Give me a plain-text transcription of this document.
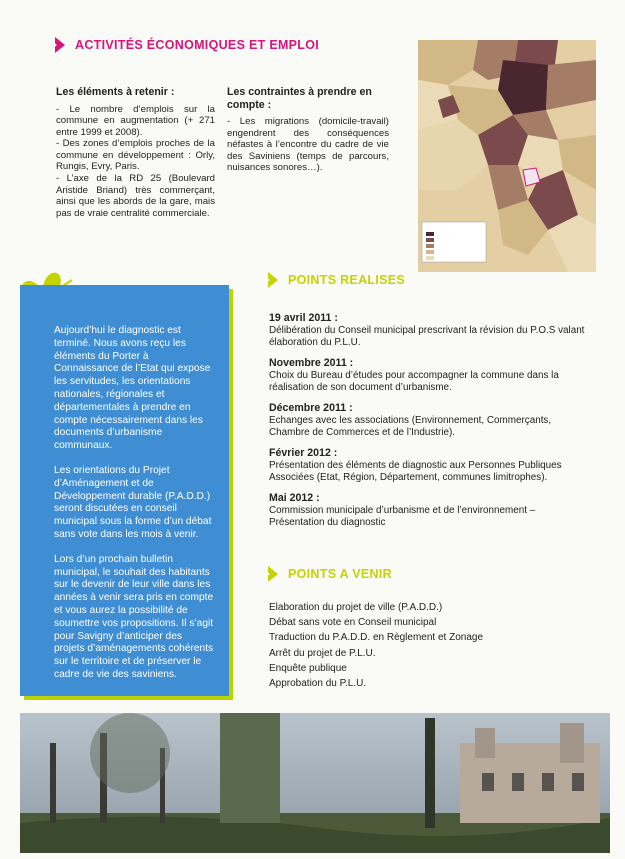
ACTIVITÉS ÉCONOMIQUES ET EMPLOI
Les éléments à retenir :

- Le nombre d’emplois sur la commune en augmentation (+ 271 entre 1999 et 2008).

- Des zones d’emplois proches de la commune en développement : Orly, Rungis, Evry, Paris.

- L’axe de la RD 25 (Boulevard Aristide Briand) très commerçant, ainsi que les abords de la gare, mais pas de vraie centralité commerciale.

Les contraintes à prendre en compte :

- Les migrations (domicile-travail) engendrent des conséquences néfastes à l’encontre du cadre de vie des Saviniens (temps de parcours, nuisances sonores…).

Aujourd’hui le diagnostic est terminé. Nous avons reçu les éléments du Porter à Connaissance de l’Etat qui expose les servitudes, les orientations nationales, régionales et départementales à prendre en compte nécessairement dans les documents d’urbanisme communaux.

Les orientations du Projet d’Aménagement et de Développement durable (P.A.D.D.) seront discutées en conseil municipal sous la forme d’un débat sans vote dans les mois à venir.

Lors d’un prochain bulletin municipal, le souhait des habitants sur le devenir de leur ville dans les années à venir sera pris en compte et vous aurez la possibilité de soumettre vos propositions. Il s’agit pour Savigny d’anticiper des projets d’aménagements cohérents sur le territoire et de préserver le cadre de vie des saviniens.

POINTS REALISES
19 avril 2011 :
Délibération du Conseil municipal prescrivant la révision du P.O.S valant élaboration du P.L.U.
Novembre 2011 :
Choix du Bureau d’études pour accompagner la commune dans la réalisation de son document d’urbanisme.
Décembre 2011 :
Echanges avec les associations (Environnement, Commerçants, Chambre de Commerces et de l’Industrie).
Février 2012 :
Présentation des éléments de diagnostic aux Personnes Publiques Associées (Etat, Région, Département, communes limitrophes).
Mai 2012 :
Commission municipale d’urbanisme et de l’environnement – Présentation du diagnostic
POINTS A VENIR
Elaboration du projet de ville (P.A.D.D.)
Débat sans vote en Conseil municipal
Traduction du P.A.D.D. en Règlement et Zonage
Arrêt du projet de P.L.U.
Enquête publique
Approbation du P.L.U.
